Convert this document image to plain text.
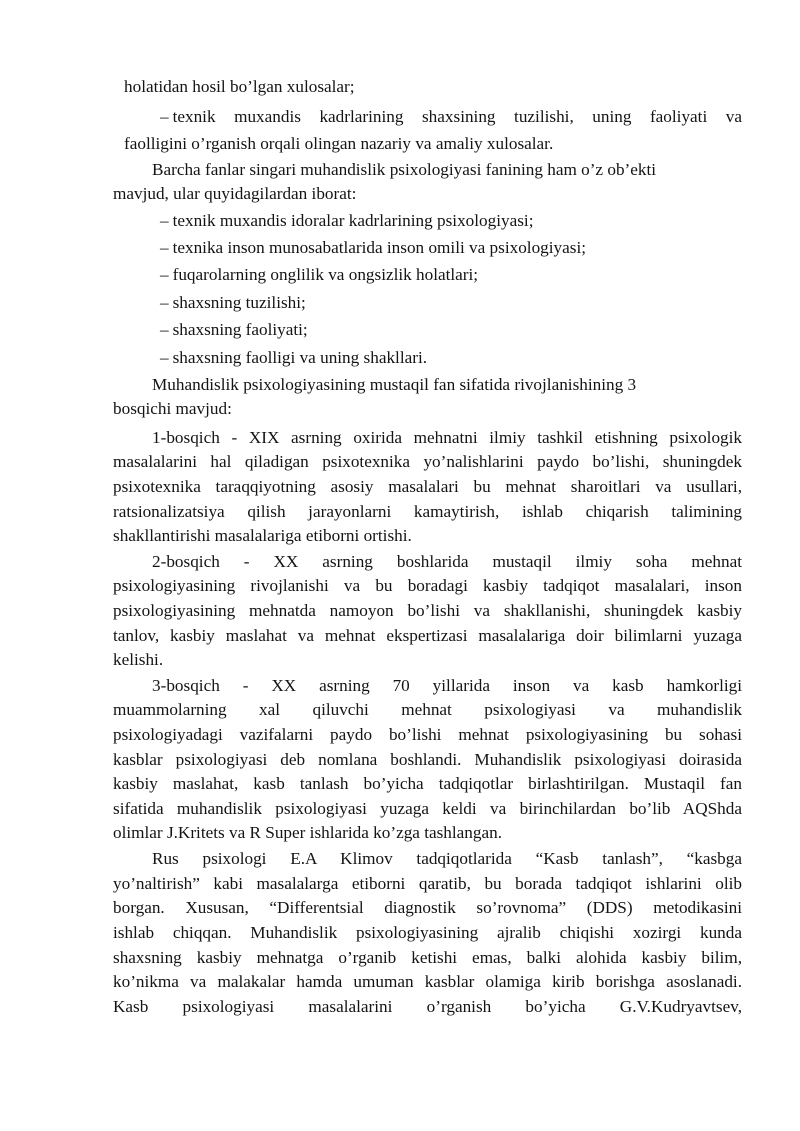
holatidan hosil bo’lgan xulosalar;
– texnik muxandis kadrlarining shaxsining tuzilishi, uning faoliyati va
faolligini o’rganish orqali olingan nazariy va amaliy xulosalar.
Barcha fanlar singari muhandislik psixologiyasi fanining ham o’z ob’ekti
mavjud, ular quyidagilardan iborat:
– texnik muxandis idoralar kadrlarining psixologiyasi;
– texnika inson munosabatlarida inson omili va psixologiyasi;
– fuqarolarning onglilik va ongsizlik holatlari;
– shaxsning tuzilishi;
– shaxsning faoliyati;
– shaxsning faolligi va uning shakllari.
Muhandislik psixologiyasining mustaqil fan sifatida rivojlanishining 3
bosqichi mavjud:
1-bosqich - XIX asrning oxirida mehnatni ilmiy tashkil etishning psixologik
masalalarini hal qiladigan psixotexnika yo’nalishlarini paydo bo’lishi, shuningdek
psixotexnika taraqqiyotning asosiy masalalari bu mehnat sharoitlari va usullari,
ratsionalizatsiya qilish jarayonlarni kamaytirish, ishlab chiqarish talimining
shakllantirishi masalalariga etiborni ortishi.
2-bosqich - XX asrning boshlarida mustaqil ilmiy soha mehnat
psixologiyasining rivojlanishi va bu boradagi kasbiy tadqiqot masalalari, inson
psixologiyasining mehnatda namoyon bo’lishi va shakllanishi, shuningdek kasbiy
tanlov, kasbiy maslahat va mehnat ekspertizasi masalalariga doir bilimlarni yuzaga
kelishi.
3-bosqich - XX asrning 70 yillarida inson va kasb hamkorligi
muammolarning xal qiluvchi mehnat psixologiyasi va muhandislik
psixologiyadagi vazifalarni paydo bo’lishi mehnat psixologiyasining bu sohasi
kasblar psixologiyasi deb nomlana boshlandi. Muhandislik psixologiyasi doirasida
kasbiy maslahat, kasb tanlash bo’yicha tadqiqotlar birlashtirilgan. Mustaqil fan
sifatida muhandislik psixologiyasi yuzaga keldi va birinchilardan bo’lib AQShda
olimlar J.Kritets va R Super ishlarida ko’zga tashlangan.
Rus psixologi E.A Klimov tadqiqotlarida “Kasb tanlash”, “kasbga
yo’naltirish” kabi masalalarga etiborni qaratib, bu borada tadqiqot ishlarini olib
borgan. Xususan, “Differentsial diagnostik so’rovnoma” (DDS) metodikasini
ishlab chiqqan. Muhandislik psixologiyasining ajralib chiqishi xozirgi kunda
shaxsning kasbiy mehnatga o’rganib ketishi emas, balki alohida kasbiy bilim,
ko’nikma va malakalar hamda umuman kasblar olamiga kirib borishga asoslanadi.
Kasb psixologiyasi masalalarini o’rganish bo’yicha G.V.Kudryavtsev,
